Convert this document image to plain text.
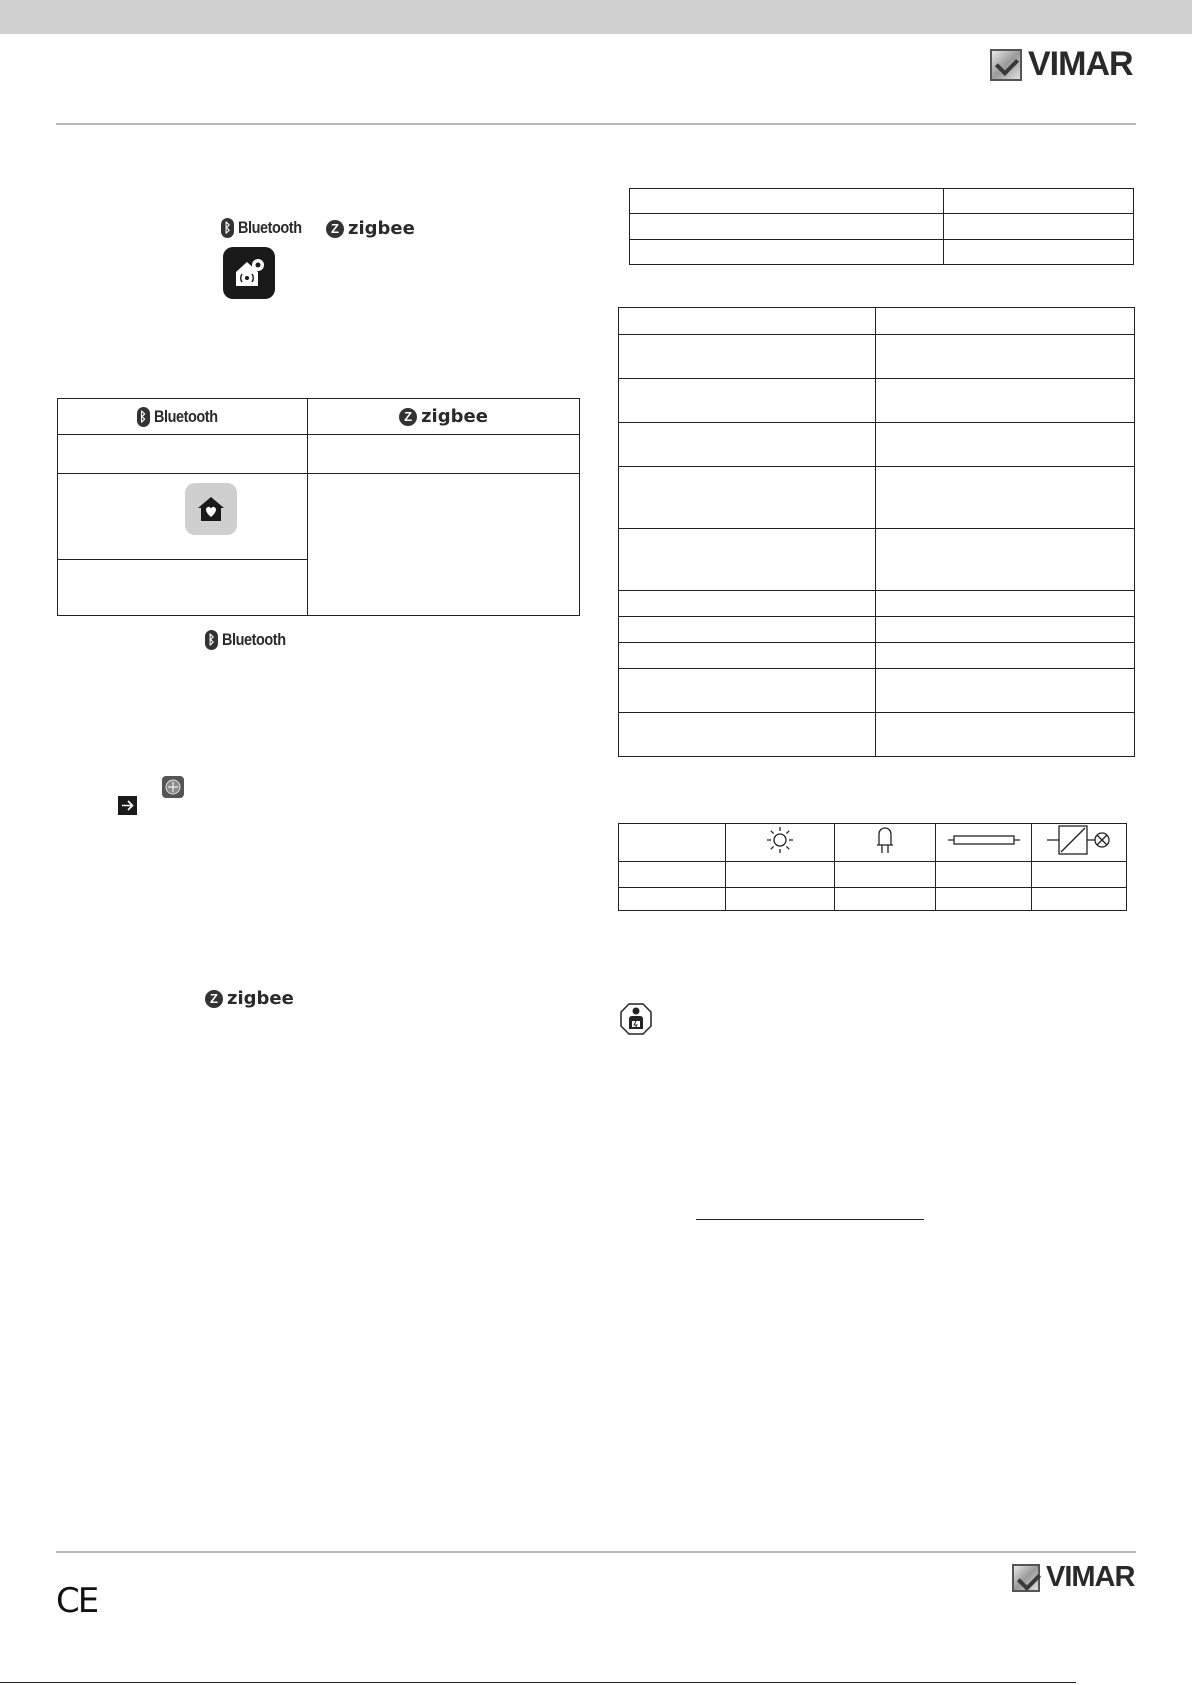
VIMAR
ᛒ Bluetooth	Z zigbee
ᛒ Bluetooth	Z zigbee

ᛒ Bluetooth
Z zigbee

VIMAR
CE
